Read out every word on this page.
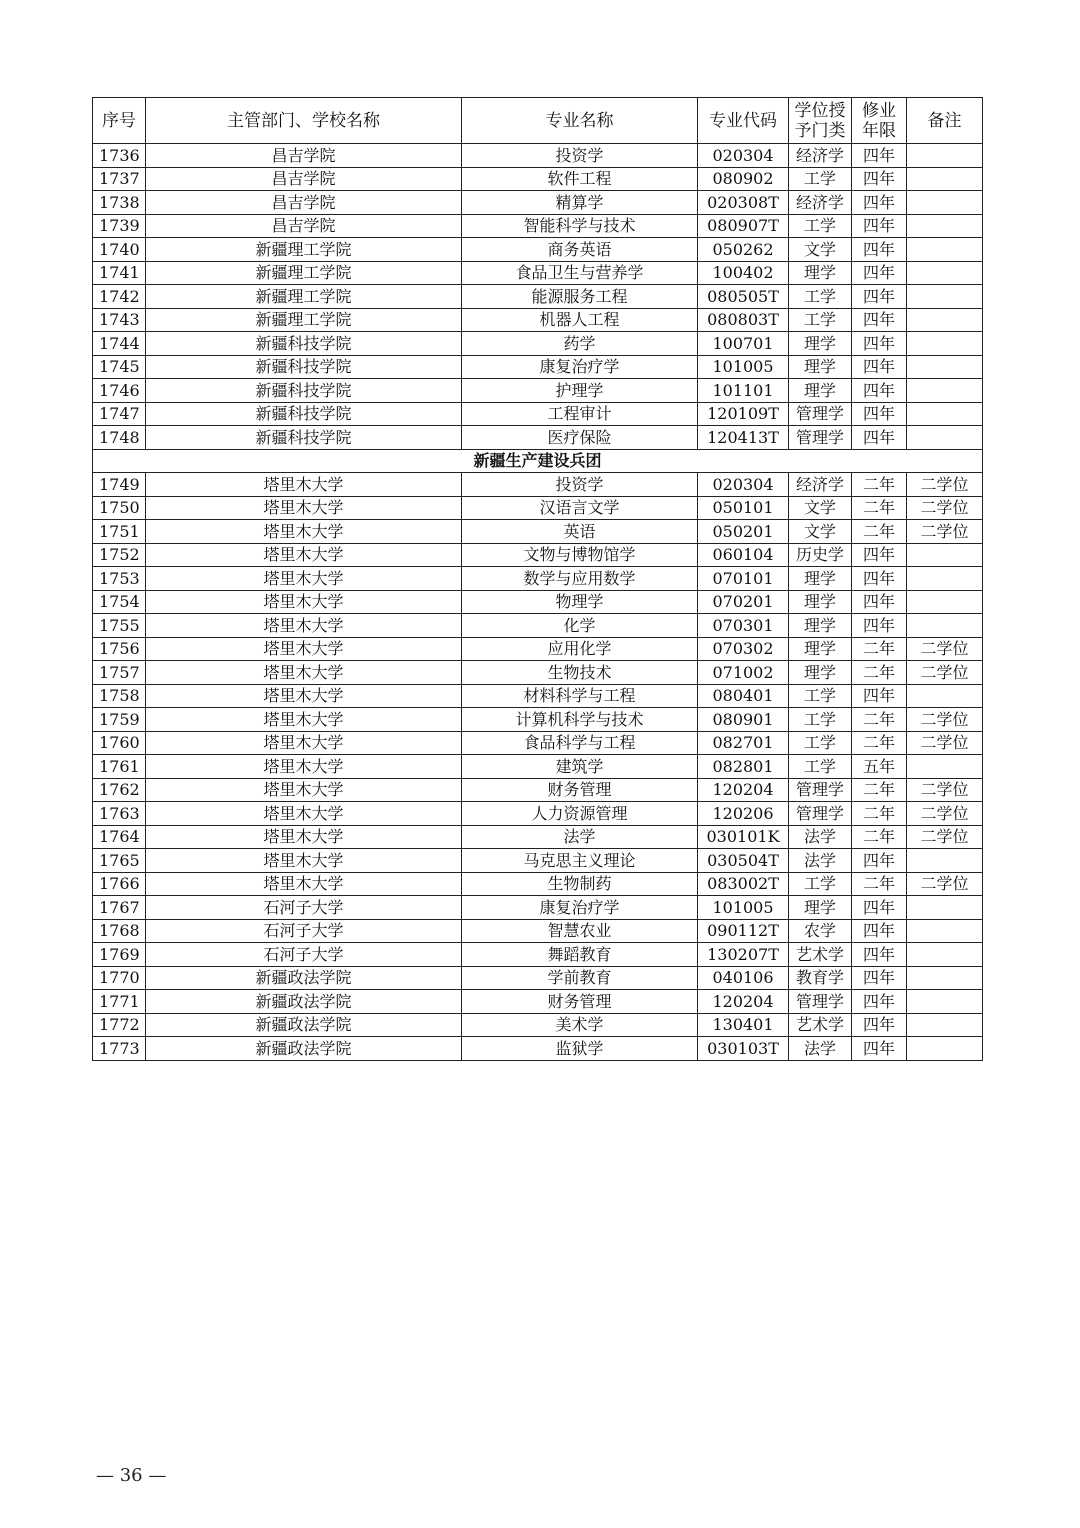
序号	主管部门、学校名称	专业名称	专业代码	学位授予门类	修业年限	备注
1736	昌吉学院	投资学	020304	经济学	四年	
1737	昌吉学院	软件工程	080902	工学	四年	
1738	昌吉学院	精算学	020308T	经济学	四年	
1739	昌吉学院	智能科学与技术	080907T	工学	四年	
1740	新疆理工学院	商务英语	050262	文学	四年	
1741	新疆理工学院	食品卫生与营养学	100402	理学	四年	
1742	新疆理工学院	能源服务工程	080505T	工学	四年	
1743	新疆理工学院	机器人工程	080803T	工学	四年	
1744	新疆科技学院	药学	100701	理学	四年	
1745	新疆科技学院	康复治疗学	101005	理学	四年	
1746	新疆科技学院	护理学	101101	理学	四年	
1747	新疆科技学院	工程审计	120109T	管理学	四年	
1748	新疆科技学院	医疗保险	120413T	管理学	四年	
新疆生产建设兵团						
1749	塔里木大学	投资学	020304	经济学	二年	二学位
1750	塔里木大学	汉语言文学	050101	文学	二年	二学位
1751	塔里木大学	英语	050201	文学	二年	二学位
1752	塔里木大学	文物与博物馆学	060104	历史学	四年	
1753	塔里木大学	数学与应用数学	070101	理学	四年	
1754	塔里木大学	物理学	070201	理学	四年	
1755	塔里木大学	化学	070301	理学	四年	
1756	塔里木大学	应用化学	070302	理学	二年	二学位
1757	塔里木大学	生物技术	071002	理学	二年	二学位
1758	塔里木大学	材料科学与工程	080401	工学	四年	
1759	塔里木大学	计算机科学与技术	080901	工学	二年	二学位
1760	塔里木大学	食品科学与工程	082701	工学	二年	二学位
1761	塔里木大学	建筑学	082801	工学	五年	
1762	塔里木大学	财务管理	120204	管理学	二年	二学位
1763	塔里木大学	人力资源管理	120206	管理学	二年	二学位
1764	塔里木大学	法学	030101K	法学	二年	二学位
1765	塔里木大学	马克思主义理论	030504T	法学	四年	
1766	塔里木大学	生物制药	083002T	工学	二年	二学位
1767	石河子大学	康复治疗学	101005	理学	四年	
1768	石河子大学	智慧农业	090112T	农学	四年	
1769	石河子大学	舞蹈教育	130207T	艺术学	四年	
1770	新疆政法学院	学前教育	040106	教育学	四年	
1771	新疆政法学院	财务管理	120204	管理学	四年	
1772	新疆政法学院	美术学	130401	艺术学	四年	
1773	新疆政法学院	监狱学	030103T	法学	四年	
— 36 —
